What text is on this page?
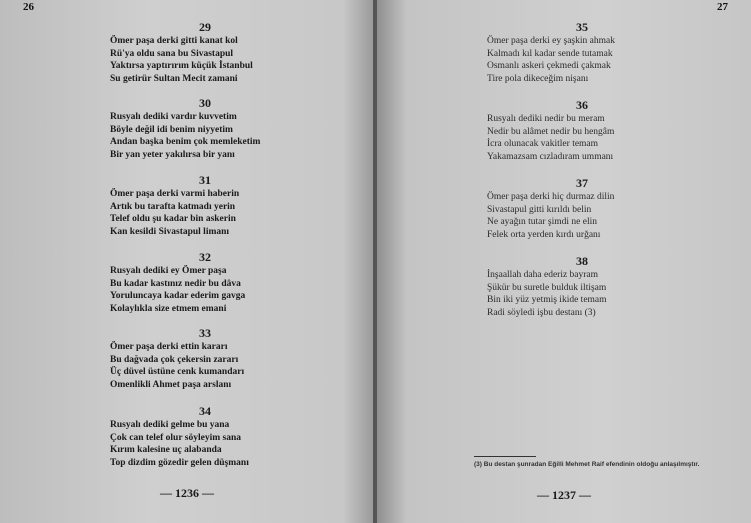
26
29
Ömer paşa derki gitti kanat kol
Rü'ya oldu sana bu Sivastapul
Yaktırsa yaptırırım küçük İstanbul
Su getirür Sultan Mecit zamani
30
Rusyalı dediki vardır kuvvetim
Böyle değil idi benim niyyetim
Andan başka benim çok memleketim
Bir yan yeter yakılırsa bir yanı
31
Ömer paşa derki varmi haberin
Artık bu tarafta katmadı yerin
Telef oldu şu kadar bin askerin
Kan kesildi Sivastapul limanı
32
Rusyalı dediki ey Ömer paşa
Bu kadar kastınız nedir bu dâva
Yoruluncaya kadar ederim gavga
Kolaylıkla size etmem emani
33
Ömer paşa derki ettin kararı
Bu dağvada çok çekersin zararı
Üç düvel üstüne cenk kumandarı
Omenlikli Ahmet paşa arslanı
34
Rusyalı dediki gelme bu yana
Çok can telef olur söyleyim sana
Kırım kalesine uç alabanda
Top dizdim gözedir gelen düşmanı
— 1236 —
27
35
Ömer paşa derki ey şaşkin ahmak
Kalmadı kıl kadar sende tutamak
Osmanlı askeri çekmedi çakmak
Tire pola dikeceğim nişanı
36
Rusyalı dediki nedir bu meram
Nedir bu alâmet nedir bu hengâm
İcra olunacak vakitler temam
Yakamazsam cızladıram ummanı
37
Ömer paşa derki hiç durmaz dilin
Sivastapul gitti kırıldı belin
Ne ayağın tutar şimdi ne elin
Felek orta yerden kırdı urğanı
38
İnşaallah daha ederiz bayram
Şükür bu suretle bulduk iltişam
Bin iki yüz yetmiş ikide temam
Radi söyledi işbu destanı (3)
(3) Bu destan şunradan Eğilli Mehmet Raif efendinin oldoğu anlaşılmıştır.
— 1237 —
